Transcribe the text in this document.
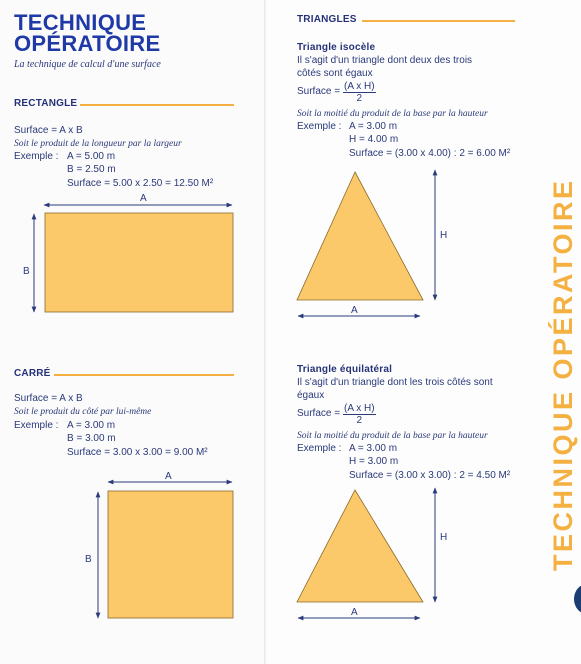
TECHNIQUE
OPÉRATOIRE
La technique de calcul d'une surface
RECTANGLE
Surface = A x B
Soit le produit de la longueur par la largeur
Exemple : A = 5.00 m
B = 2.50 m
Surface = 5.00 x 2.50 = 12.50 M²
A
B
CARRÉ
Surface = A x B
Soit le produit du côté par lui-même
Exemple : A = 3.00 m
B = 3.00 m
Surface = 3.00 x 3.00 = 9.00 M²
A
B
TRIANGLES
Triangle isocèle
Il s'agit d'un triangle dont deux des trois
côtés sont égaux
Surface = $\frac{\text{(A x H)}}{2}$
Soit la moitié du produit de la base par la hauteur
Exemple : A = 3.00 m
H = 4.00 m
Surface = (3.00 x 4.00) : 2 = 6.00 M²
H
A
Triangle équilatéral
Il s'agit d'un triangle dont les trois côtés sont
égaux
Surface = $\frac{\text{(A x H)}}{2}$
Soit la moitié du produit de la base par la hauteur
Exemple : A = 3.00 m
H = 3.00 m
Surface = (3.00 x 3.00) : 2 = 4.50 M²
H
A
TECHNIQUE OPÉRATOIRE
